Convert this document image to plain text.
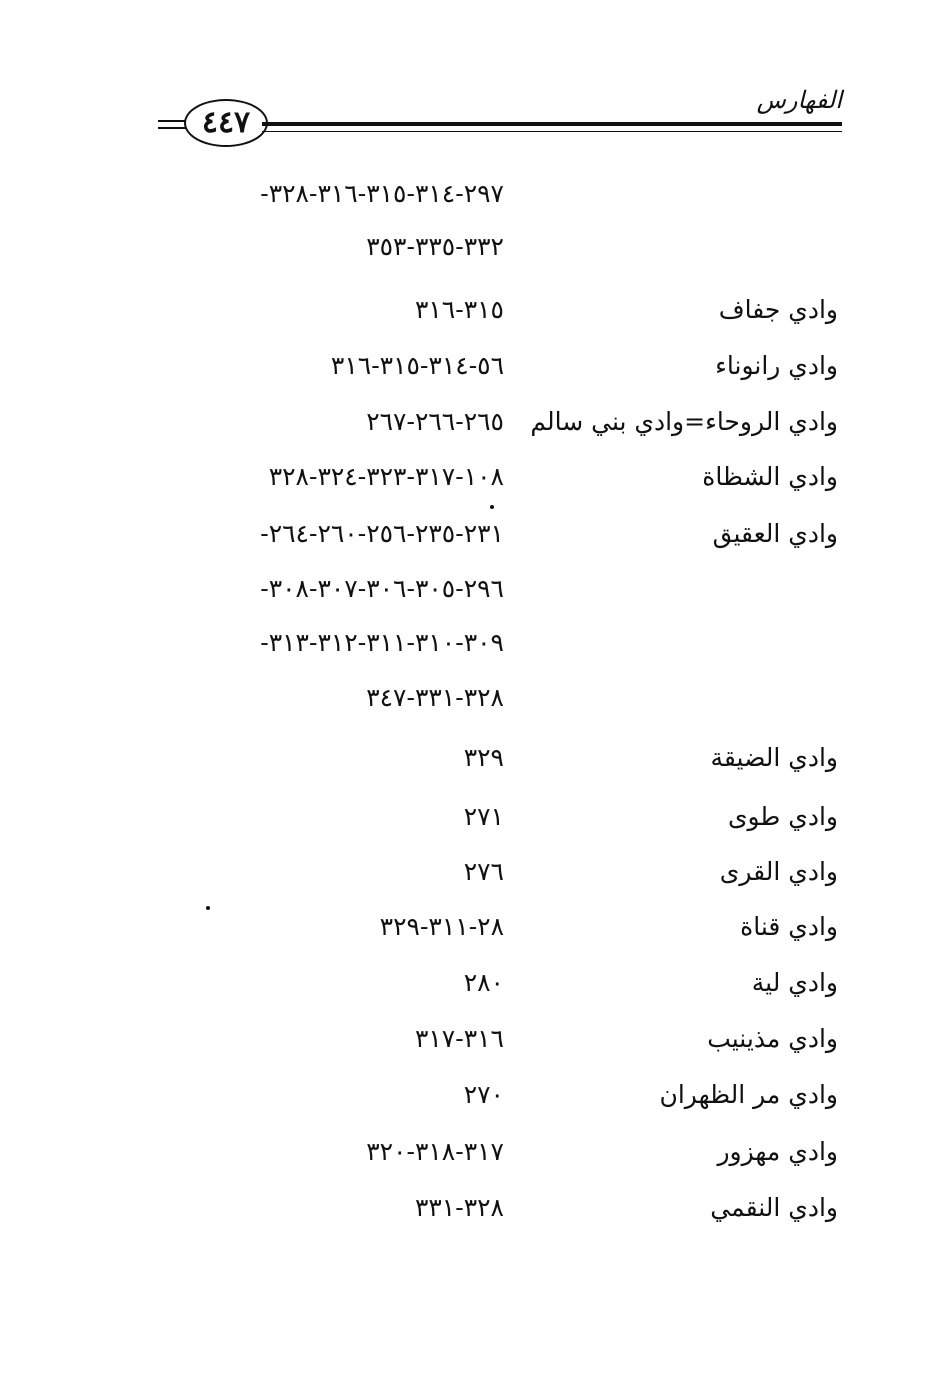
الفهارس
٤٤٧
-٢٩٧-٣١٤-٣١٥-٣١٦-٣٢٨
٣٣٢-٣٣٥-٣٥٣
وادي جفاف
٣١٥-٣١٦
وادي رانوناء
٥٦-٣١٤-٣١٥-٣١٦
وادي الروحاء=وادي بني سالم
٢٦٥-٢٦٦-٢٦٧
وادي الشظاة
١٠٨-٣١٧-٣٢٣-٣٢٤-٣٢٨
وادي العقيق
-٢٣١-٢٣٥-٢٥٦-٢٦٠-٢٦٤
-٢٩٦-٣٠٥-٣٠٦-٣٠٧-٣٠٨
-٣٠٩-٣١٠-٣١١-٣١٢-٣١٣
٣٢٨-٣٣١-٣٤٧
وادي الضيقة
٣٢٩
وادي طوى
٢٧١
وادي القرى
٢٧٦
وادي قناة
٢٨-٣١١-٣٢٩
وادي لية
٢٨٠
وادي مذينيب
٣١٦-٣١٧
وادي مر الظهران
٢٧٠
وادي مهزور
٣١٧-٣١٨-٣٢٠
وادي النقمي
٣٢٨-٣٣١
